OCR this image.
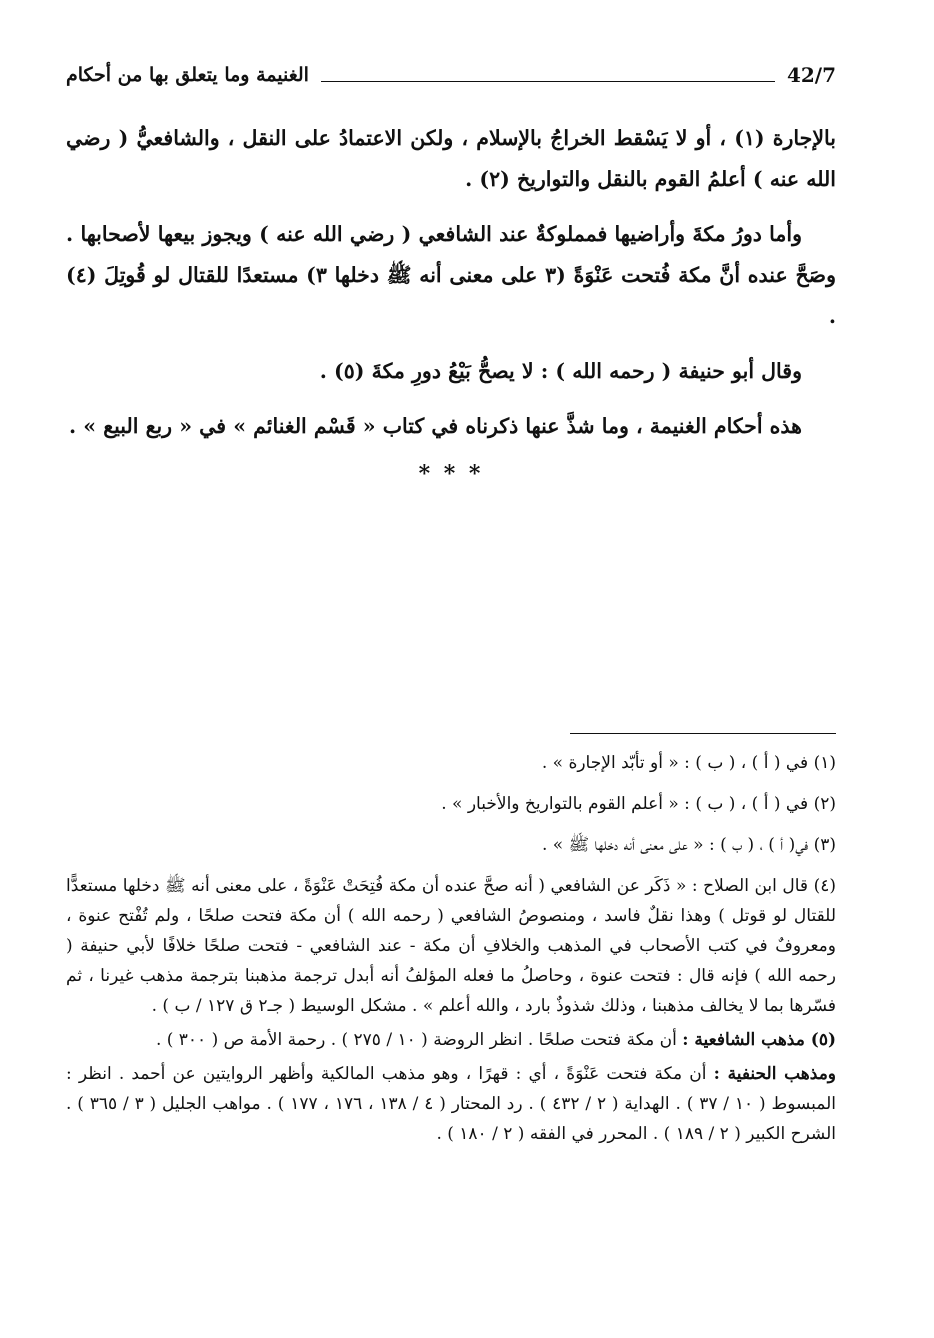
الغنيمة وما يتعلق بها من أحكام	42/7

بالإجارة (١) ، أو لا يَسْقط الخراجُ بالإسلام ، ولكن الاعتمادُ على النقل ، والشافعيُّ ( رضي الله عنه ) أعلمُ القوم بالنقل والتواريخ (٢) .

وأما دورُ مكةَ وأراضيها فمملوكةٌ عند الشافعي ( رضي الله عنه ) ويجوز بيعها لأصحابها . وصَحَّ عنده أنَّ مكة فُتحت عَنْوَةً (٣ على معنى أنه ﷺ دخلها ٣) مستعدًا للقتال لو قُوتِلَ (٤) .

وقال أبو حنيفة ( رحمه الله ) : لا يصحُّ بَيْعُ دورِ مكةَ (٥) .

هذه أحكام الغنيمة ، وما شذَّ عنها ذكرناه في كتاب « قَسْم الغنائم » في « ربع البيع » .

* * *

(١) في ( أ ) ، ( ب ) : « أو تأبّد الإجارة » .

(٢) في ( أ ) ، ( ب ) : « أعلم القوم بالتواريخ والأخبار » .

(٣) في( أ ) ، ( ب ) : « على معنى أنه دخلها ﷺ » .

(٤) قال ابن الصلاح : « ذَكَر عن الشافعي ( أنه صحَّ عنده أن مكة فُتِحَتْ عَنْوَةً ، على معنى أنه ﷺ دخلها مستعدًّا للقتال لو قوتل ) وهذا نقلٌ فاسد ، ومنصوصُ الشافعي ( رحمه الله ) أن مكة فتحت صلحًا ، ولم تُفْتح عنوة ، ومعروفٌ في كتب الأصحاب في المذهب والخلافِ أن مكة - عند الشافعي - فتحت صلحًا خلافًا لأبي حنيفة ( رحمه الله ) فإنه قال : فتحت عنوة ، وحاصلُ ما فعله المؤلفُ أنه أبدل ترجمة مذهبنا بترجمة مذهب غيرنا ، ثم فسّرها بما لا يخالف مذهبنا ، وذلك شذوذٌ بارد ، والله أعلم » . مشكل الوسيط ( جـ٢ ق ١٢٧ / ب ) .

(٥) مذهب الشافعية : أن مكة فتحت صلحًا . انظر الروضة ( ١٠ / ٢٧٥ ) . رحمة الأمة ص ( ٣٠٠ ) .

ومذهب الحنفية : أن مكة فتحت عَنْوَةً ، أي : قهرًا ، وهو مذهب المالكية وأظهر الروايتين عن أحمد . انظر : المبسوط ( ١٠ / ٣٧ ) . الهداية ( ٢ / ٤٣٢ ) . رد المحتار ( ٤ / ١٣٨ ، ١٧٦ ، ١٧٧ ) . مواهب الجليل ( ٣ / ٣٦٥ ) . الشرح الكبير ( ٢ / ١٨٩ ) . المحرر في الفقه ( ٢ / ١٨٠ ) .
